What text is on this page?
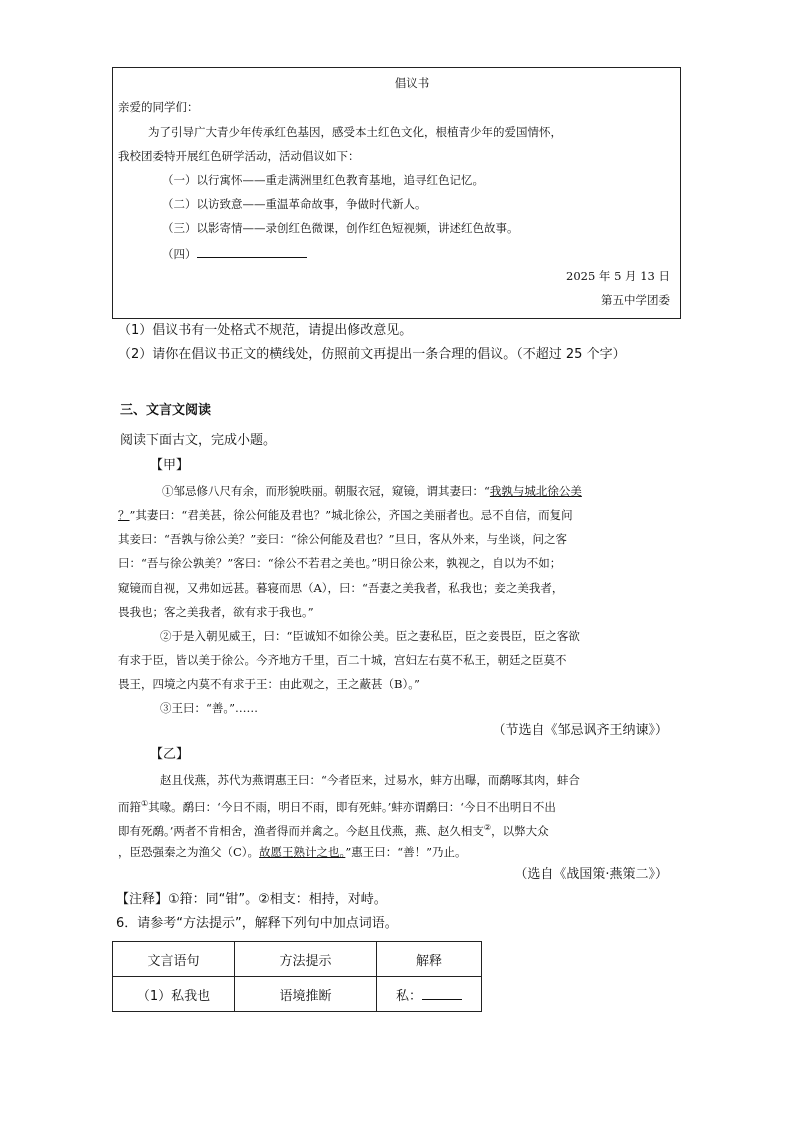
倡议书
亲爱的同学们：
为了引导广大青少年传承红色基因，感受本土红色文化，根植青少年的爱国情怀，
我校团委特开展红色研学活动，活动倡议如下：
（一）以行寓怀——重走满洲里红色教育基地，追寻红色记忆。
（二）以访致意——重温革命故事，争做时代新人。
（三）以影寄情——录创红色微课，创作红色短视频，讲述红色故事。
（四）
2025 年 5 月 13 日
第五中学团委
（1）倡议书有一处格式不规范，请提出修改意见。
（2）请你在倡议书正文的横线处，仿照前文再提出一条合理的倡议。（不超过 25 个字）
三、文言文阅读
阅读下面古文，完成小题。
【甲】
①邹忌修八尺有余，而形貌昳丽。朝服衣冠，窥镜，谓其妻曰：“我孰与城北徐公美
？”其妻曰：“君美甚，徐公何能及君也？”城北徐公，齐国之美丽者也。忌不自信，而复问
其妾曰：“吾孰与徐公美？”妾曰：“徐公何能及君也？”旦日，客从外来，与坐谈，问之客
曰：“吾与徐公孰美？”客曰：“徐公不若君之美也。”明日徐公来，孰视之，自以为不如；
窥镜而自视，又弗如远甚。暮寝而思（A），曰：“吾妻之美我者，私我也；妾之美我者，
畏我也；客之美我者，欲有求于我也。”
②于是入朝见威王，曰：“臣诚知不如徐公美。臣之妻私臣，臣之妾畏臣，臣之客欲
有求于臣，皆以美于徐公。今齐地方千里，百二十城，宫妇左右莫不私王，朝廷之臣莫不
畏王，四境之内莫不有求于王：由此观之，王之蔽甚（B）。”
③王曰：“善。”……
（节选自《邹忌讽齐王纳谏》）
【乙】
赵且伐燕，苏代为燕谓惠王曰：“今者臣来，过易水，蚌方出曝，而鹬啄其肉，蚌合
而箝①其喙。鹬曰：‘今日不雨，明日不雨，即有死蚌。’蚌亦谓鹬曰：‘今日不出明日不出
即有死鹬。’两者不肯相舍，渔者得而并禽之。今赵且伐燕，燕、赵久相支②，以弊大众
，臣恐强秦之为渔父（C）。故愿王熟计之也。”惠王曰：“善！”乃止。
（选自《战国策·燕策二》）
【注释】①箝：同“钳”。②相支：相持，对峙。
6．请参考“方法提示”，解释下列句中加点词语。
文言语句	方法提示	解释
（1）私我也	语境推断	私：
